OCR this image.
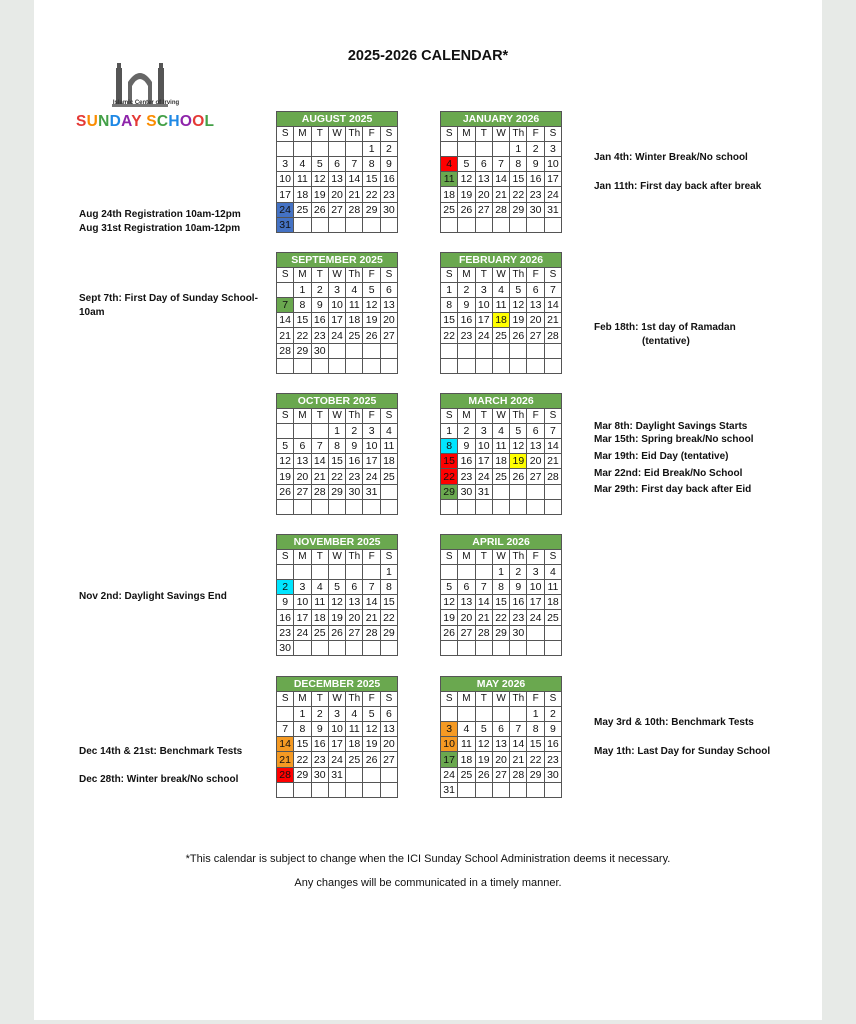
2025-2026 CALENDAR*
Islamic Center of Irving
SUNDAY SCHOOL	AUGUST 2025						
S	M	T	W	Th	F	S
					1	2
3	4	5	6	7	8	9
10	11	12	13	14	15	16
17	18	19	20	21	22	23
24	25	26	27	28	29	30
31						
JANUARY 2026						
S	M	T	W	Th	F	S
				1	2	3
4	5	6	7	8	9	10
11	12	13	14	15	16	17
18	19	20	21	22	23	24
25	26	27	28	29	30	31

SEPTEMBER 2025						
S	M	T	W	Th	F	S
	1	2	3	4	5	6
7	8	9	10	11	12	13
14	15	16	17	18	19	20
21	22	23	24	25	26	27
28	29	30				

FEBRUARY 2026						
S	M	T	W	Th	F	S
1	2	3	4	5	6	7
8	9	10	11	12	13	14
15	16	17	18	19	20	21
22	23	24	25	26	27	28

OCTOBER 2025						
S	M	T	W	Th	F	S
			1	2	3	4
5	6	7	8	9	10	11
12	13	14	15	16	17	18
19	20	21	22	23	24	25
26	27	28	29	30	31	

MARCH 2026						
S	M	T	W	Th	F	S
1	2	3	4	5	6	7
8	9	10	11	12	13	14
15	16	17	18	19	20	21
22	23	24	25	26	27	28
29	30	31				

NOVEMBER 2025						
S	M	T	W	Th	F	S
						1
2	3	4	5	6	7	8
9	10	11	12	13	14	15
16	17	18	19	20	21	22
23	24	25	26	27	28	29
30						
APRIL 2026						
S	M	T	W	Th	F	S
			1	2	3	4
5	6	7	8	9	10	11
12	13	14	15	16	17	18
19	20	21	22	23	24	25
26	27	28	29	30		

DECEMBER 2025						
S	M	T	W	Th	F	S
	1	2	3	4	5	6
7	8	9	10	11	12	13
14	15	16	17	18	19	20
21	22	23	24	25	26	27
28	29	30	31			

MAY 2026						
S	M	T	W	Th	F	S
					1	2
3	4	5	6	7	8	9
10	11	12	13	14	15	16
17	18	19	20	21	22	23
24	25	26	27	28	29	30
31						
Aug 24th Registration 10am-12pm
Aug 31st Registration 10am-12pm
Sept 7th: First Day of Sunday School-
10am
Nov 2nd: Daylight Savings End
Dec 14th & 21st: Benchmark Tests
Dec 28th: Winter break/No school
Jan 4th: Winter Break/No school
Jan 11th: First day back after break
Feb 18th: 1st day of Ramadan
(tentative)
Mar 8th: Daylight Savings Starts
Mar 15th: Spring break/No school
Mar 19th: Eid Day (tentative)
Mar 22nd: Eid Break/No School
Mar 29th: First day back after Eid
May 3rd & 10th: Benchmark Tests
May 1th: Last Day for Sunday School
*This calendar is subject to change when the ICI Sunday School Administration deems it necessary.
Any changes will be communicated in a timely manner.
